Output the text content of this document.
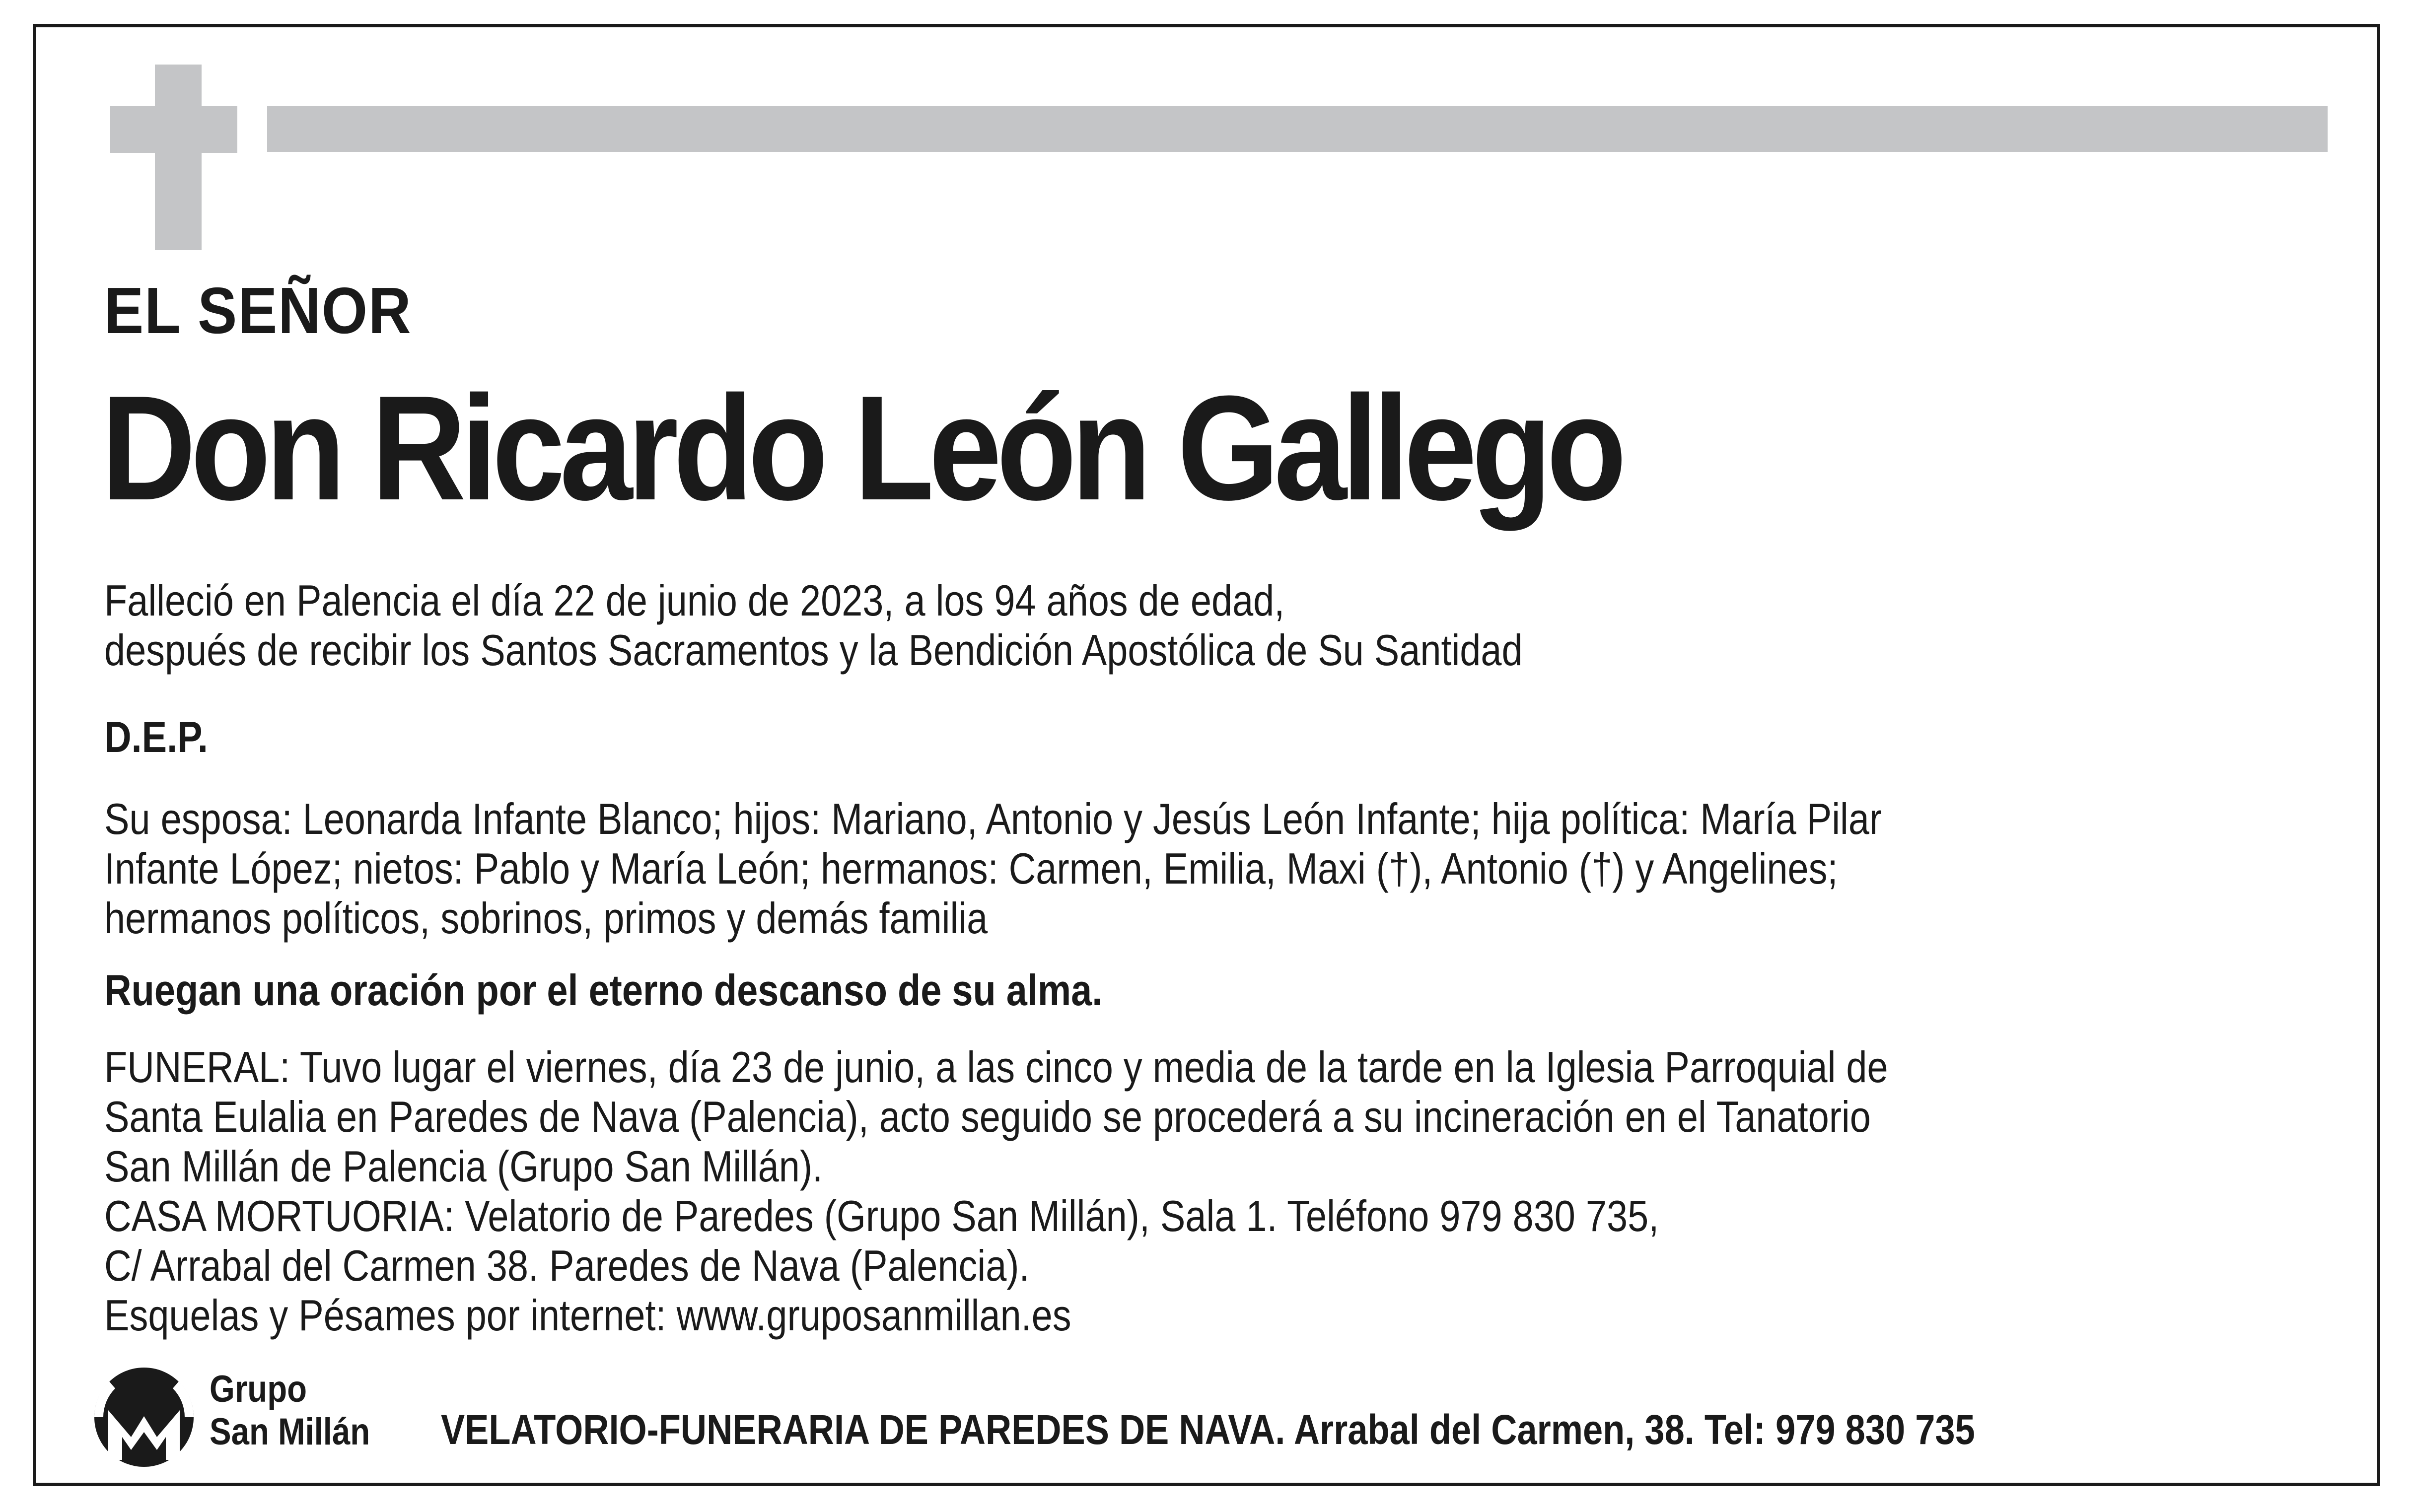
EL SEÑOR
Don Ricardo León Gallego
Falleció en Palencia el día 22 de junio de 2023, a los 94 años de edad,
después de recibir los Santos Sacramentos y la Bendición Apostólica de Su Santidad
D.E.P.
Su esposa: Leonarda Infante Blanco; hijos: Mariano, Antonio y Jesús León Infante; hija política: María Pilar
Infante López; nietos: Pablo y María León; hermanos: Carmen, Emilia, Maxi (†), Antonio (†) y Angelines;
hermanos políticos, sobrinos, primos y demás familia
Ruegan una oración por el eterno descanso de su alma.
FUNERAL: Tuvo lugar el viernes, día 23 de junio, a las cinco y media de la tarde en la Iglesia Parroquial de
Santa Eulalia en Paredes de Nava (Palencia), acto seguido se procederá a su incineración en el Tanatorio
San Millán de Palencia (Grupo San Millán).
CASA MORTUORIA: Velatorio de Paredes (Grupo San Millán), Sala 1. Teléfono 979 830 735,
C/ Arrabal del Carmen 38. Paredes de Nava (Palencia).
Esquelas y Pésames por internet: www.gruposanmillan.es
Grupo
San Millán VELATORIO-FUNERARIA DE PAREDES DE NAVA. Arrabal del Carmen, 38. Tel: 979 830 735
